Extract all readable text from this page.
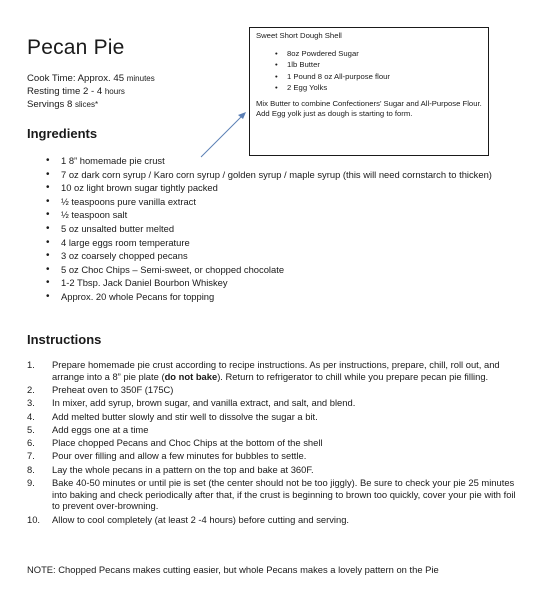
Pecan Pie
Cook Time: Approx. 45 minutes
Resting time 2 - 4 hours
Servings 8 slices*
Ingredients
• 1 8” homemade pie crust
• 7 oz dark corn syrup / Karo corn syrup / golden syrup / maple syrup (this will need cornstarch to thicken)
• 10 oz light brown sugar tightly packed
• ½ teaspoons pure vanilla extract
• ½ teaspoon salt
• 5 oz unsalted butter melted
• 4 large eggs room temperature
• 3 oz coarsely chopped pecans
• 5 oz Choc Chips – Semi-sweet, or chopped chocolate
• 1-2 Tbsp. Jack Daniel Bourbon Whiskey
• Approx. 20 whole Pecans for topping
Instructions
1.	Prepare homemade pie crust according to recipe instructions. As per instructions, prepare, chill, roll out, and arrange into a 8” pie plate (do not bake). Return to refrigerator to chill while you prepare pecan pie filling.
2.	Preheat oven to 350F (175C)
3.	In mixer, add syrup, brown sugar, and vanilla extract, and salt, and blend.
4.	Add melted butter slowly and stir well to dissolve the sugar a bit.
5.	Add eggs one at a time
6.	Place chopped Pecans and Choc Chips at the bottom of the shell
7.	Pour over filling and allow a few minutes for bubbles to settle.
8.	Lay the whole pecans in a pattern on the top and bake at 360F.
9.	Bake 40-50 minutes or until pie is set (the center should not be too jiggly). Be sure to check your pie 25 minutes into baking and check periodically after that, if the crust is beginning to brown too quickly, cover your pie with foil to prevent over-browning.
10.	Allow to cool completely (at least 2 -4 hours) before cutting and serving.

NOTE: Chopped Pecans makes cutting easier, but whole Pecans makes a lovely pattern on the Pie

Sweet Short Dough Shell
• 8oz Powdered Sugar
• 1lb Butter
• 1 Pound 8 oz All-purpose flour
• 2 Egg Yolks
Mix Butter to combine Confectioners’ Sugar and All-Purpose Flour. Add Egg yolk just as dough is starting to form.
